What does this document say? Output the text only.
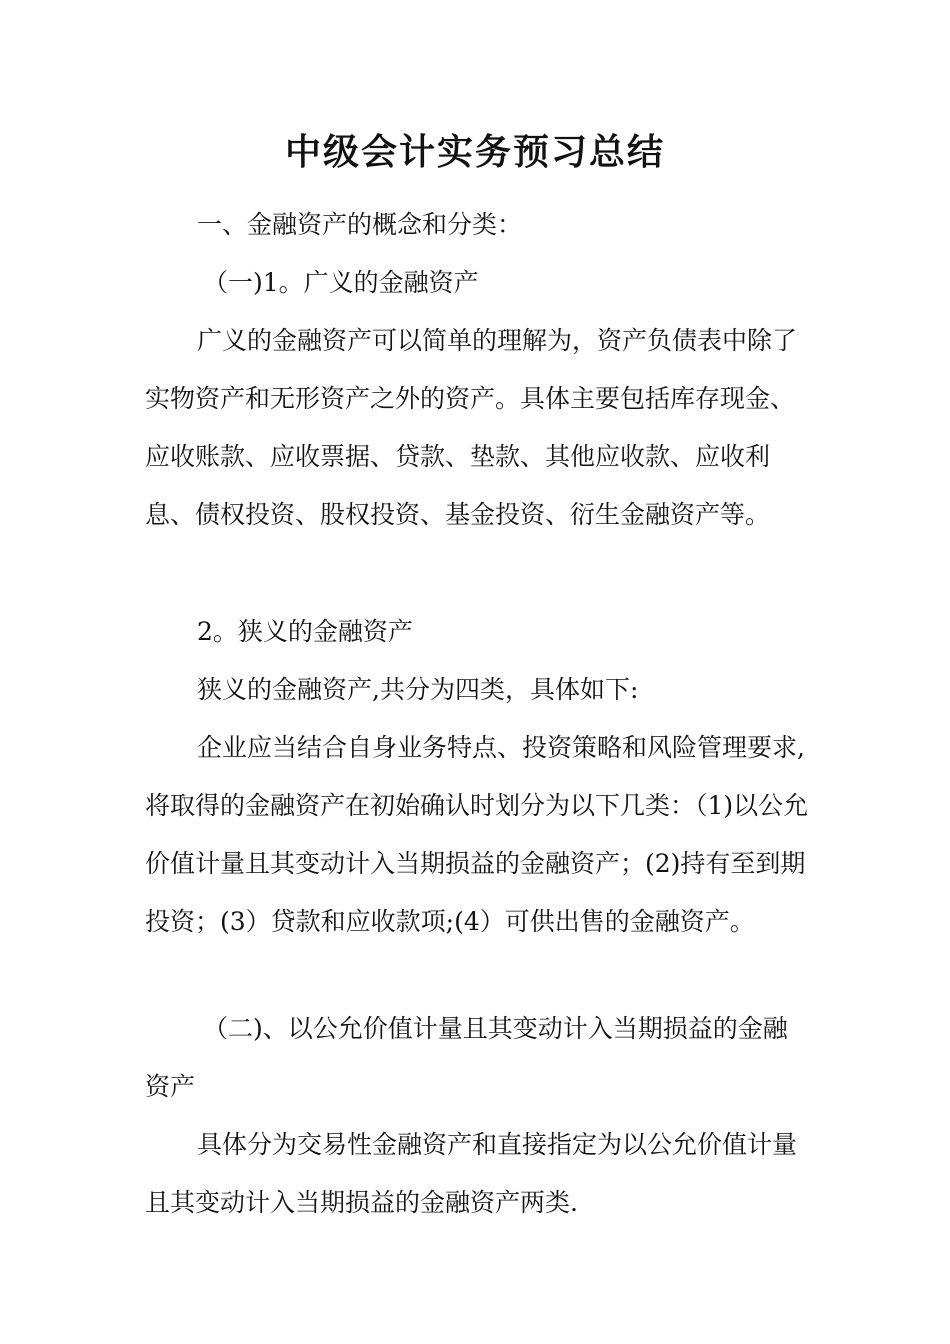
中级会计实务预习总结

一、金融资产的概念和分类：

（一)1。广义的金融资产

广义的金融资产可以简单的理解为，资产负债表中除了实物资产和无形资产之外的资产。具体主要包括库存现金、应收账款、应收票据、贷款、垫款、其他应收款、应收利息、债权投资、股权投资、基金投资、衍生金融资产等。

2。狭义的金融资产

狭义的金融资产,共分为四类，具体如下:

企业应当结合自身业务特点、投资策略和风险管理要求,将取得的金融资产在初始确认时划分为以下几类：（1)以公允价值计量且其变动计入当期损益的金融资产；(2)持有至到期投资；(3）贷款和应收款项;(4）可供出售的金融资产。

（二)、以公允价值计量且其变动计入当期损益的金融资产

具体分为交易性金融资产和直接指定为以公允价值计量且其变动计入当期损益的金融资产两类.
